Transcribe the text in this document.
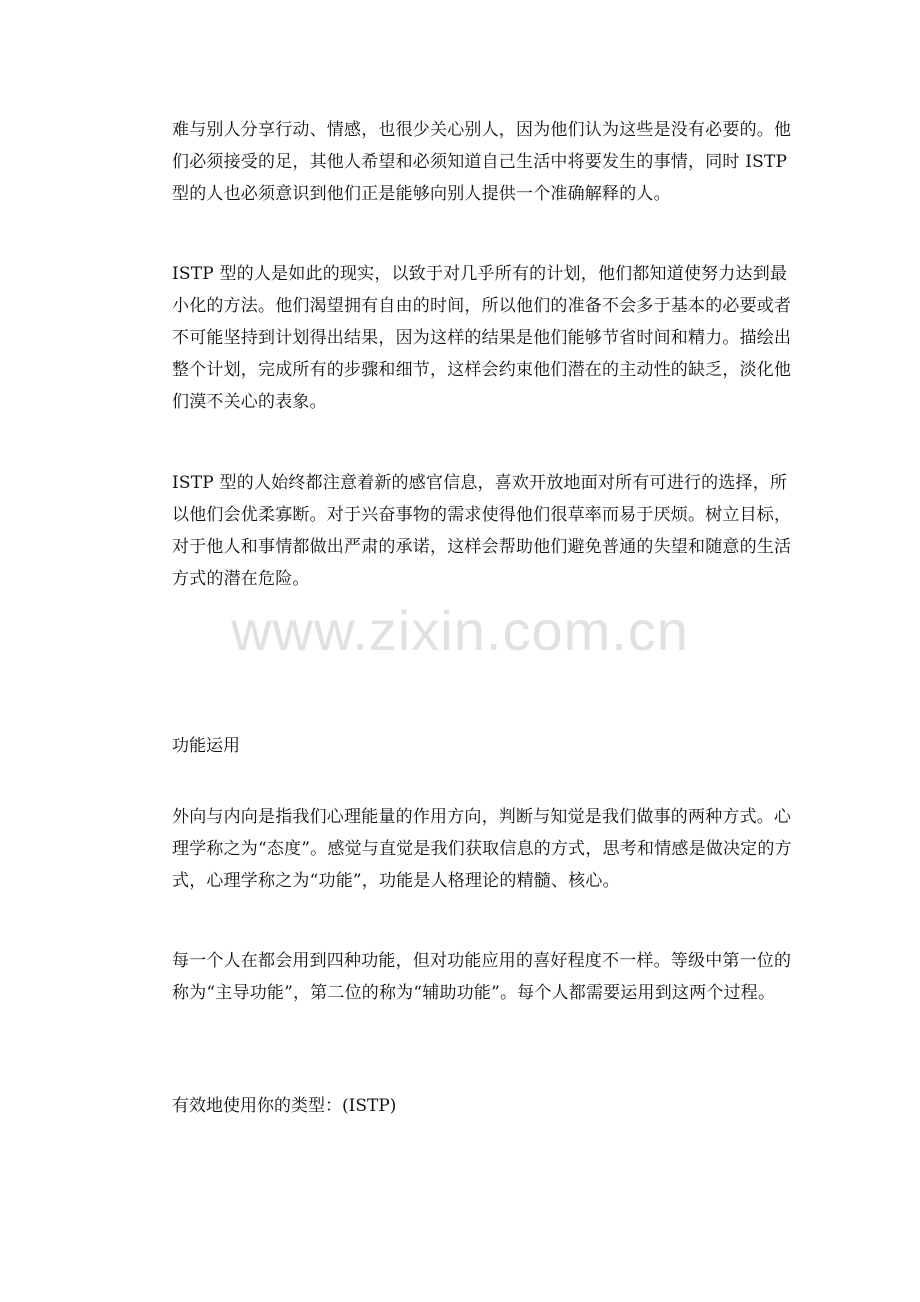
难与别人分享行动、情感，也很少关心别人，因为他们认为这些是没有必要的。他们必须接受的足，其他人希望和必须知道自己生活中将要发生的事情，同时 ISTP 型的人也必须意识到他们正是能够向别人提供一个准确解释的人。

ISTP 型的人是如此的现实，以致于对几乎所有的计划，他们都知道使努力达到最小化的方法。他们渴望拥有自由的时间，所以他们的准备不会多于基本的必要或者不可能坚持到计划得出结果，因为这样的结果是他们能够节省时间和精力。描绘出整个计划，完成所有的步骤和细节，这样会约束他们潜在的主动性的缺乏，淡化他们漠不关心的表象。

ISTP 型的人始终都注意着新的感官信息，喜欢开放地面对所有可进行的选择，所以他们会优柔寡断。对于兴奋事物的需求使得他们很草率而易于厌烦。树立目标，对于他人和事情都做出严肃的承诺，这样会帮助他们避免普通的失望和随意的生活方式的潜在危险。

www.zixin.com.cn
功能运用

外向与内向是指我们心理能量的作用方向，判断与知觉是我们做事的两种方式。心理学称之为“态度”。感觉与直觉是我们获取信息的方式，思考和情感是做决定的方式，心理学称之为“功能”，功能是人格理论的精髓、核心。

每一个人在都会用到四种功能，但对功能应用的喜好程度不一样。等级中第一位的称为“主导功能”，第二位的称为“辅助功能”。每个人都需要运用到这两个过程。

有效地使用你的类型：(ISTP)
